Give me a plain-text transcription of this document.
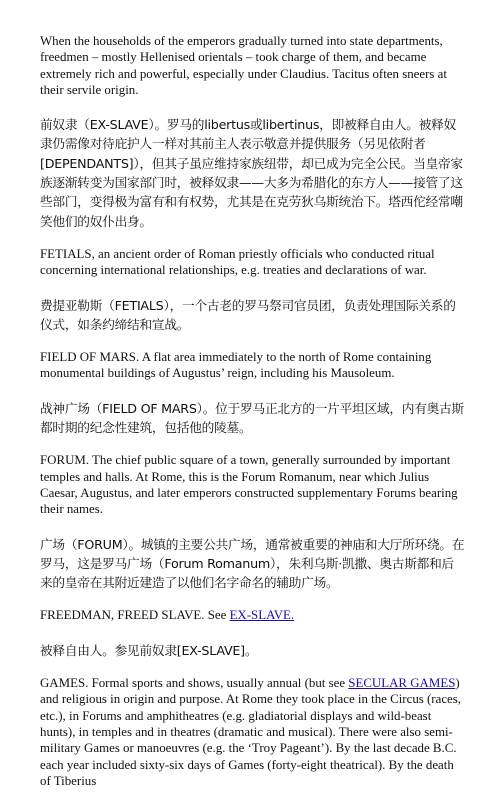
When the households of the emperors gradually turned into state departments, freedmen – mostly Hellenised orientals – took charge of them, and became extremely rich and powerful, especially under Claudius. Tacitus often sneers at their servile origin.

前奴隶（EX-SLAVE）。罗马的libertus或libertinus，即被释自由人。被释奴隶仍需像对待庇护人一样对其前主人表示敬意并提供服务（另见依附者[DEPENDANTS]），但其子虽应维持家族纽带，却已成为完全公民。当皇帝家族逐渐转变为国家部门时，被释奴隶——大多为希腊化的东方人——接管了这些部门，变得极为富有和有权势，尤其是在克劳狄乌斯统治下。塔西佗经常嘲笑他们的奴仆出身。

FETIALS, an ancient order of Roman priestly officials who conducted ritual concerning international relationships, e.g. treaties and declarations of war.

费提亚勒斯（FETIALS），一个古老的罗马祭司官员团，负责处理国际关系的仪式，如条约缔结和宣战。

FIELD OF MARS. A flat area immediately to the north of Rome containing monumental buildings of Augustus’ reign, including his Mausoleum.

战神广场（FIELD OF MARS）。位于罗马正北方的一片平坦区域，内有奥古斯都时期的纪念性建筑，包括他的陵墓。

FORUM. The chief public square of a town, generally surrounded by important temples and halls. At Rome, this is the Forum Romanum, near which Julius Caesar, Augustus, and later emperors constructed supplementary Forums bearing their names.

广场（FORUM）。城镇的主要公共广场，通常被重要的神庙和大厅所环绕。在罗马，这是罗马广场（Forum Romanum），朱利乌斯·凯撒、奥古斯都和后来的皇帝在其附近建造了以他们名字命名的辅助广场。

FREEDMAN, FREED SLAVE. See EX-SLAVE.

被释自由人。参见前奴隶[EX-SLAVE]。

GAMES. Formal sports and shows, usually annual (but see SECULAR GAMES) and religious in origin and purpose. At Rome they took place in the Circus (races, etc.), in Forums and amphitheatres (e.g. gladiatorial displays and wild-beast hunts), in temples and in theatres (dramatic and musical). There were also semi-military Games or manoeuvres (e.g. the ‘Troy Pageant’). By the last decade B.C. each year included sixty-six days of Games (forty-eight theatrical). By the death of Tiberius
